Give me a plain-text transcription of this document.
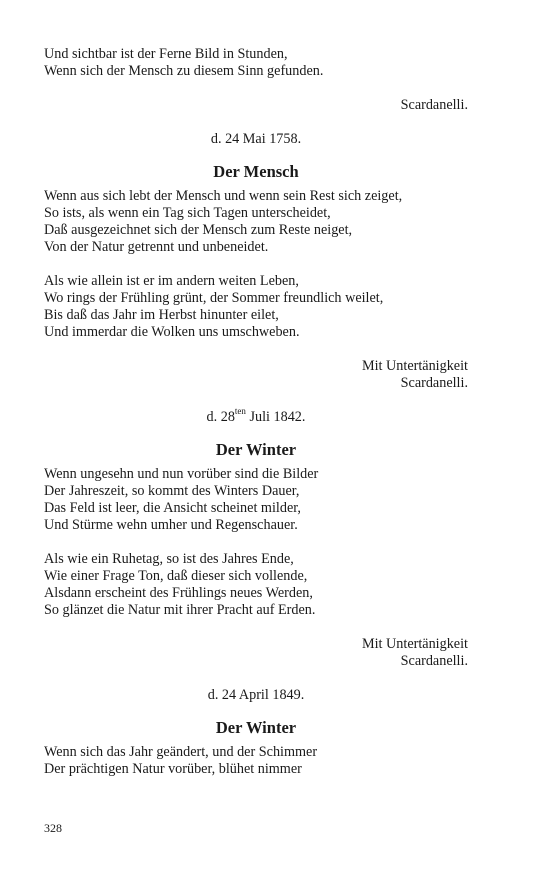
Und sichtbar ist der Ferne Bild in Stunden,
Wenn sich der Mensch zu diesem Sinn gefunden.
Scardanelli.
d. 24 Mai 1758.
Der Mensch
Wenn aus sich lebt der Mensch und wenn sein Rest sich zeiget,
So ists, als wenn ein Tag sich Tagen unterscheidet,
Daß ausgezeichnet sich der Mensch zum Reste neiget,
Von der Natur getrennt und unbeneidet.
Als wie allein ist er im andern weiten Leben,
Wo rings der Frühling grünt, der Sommer freundlich weilet,
Bis daß das Jahr im Herbst hinunter eilet,
Und immerdar die Wolken uns umschweben.
Mit Untertänigkeit
Scardanelli.
d. $28^{ten}$ Juli 1842.
Der Winter
Wenn ungesehn und nun vorüber sind die Bilder
Der Jahreszeit, so kommt des Winters Dauer,
Das Feld ist leer, die Ansicht scheinet milder,
Und Stürme wehn umher und Regenschauer.
Als wie ein Ruhetag, so ist des Jahres Ende,
Wie einer Frage Ton, daß dieser sich vollende,
Alsdann erscheint des Frühlings neues Werden,
So glänzet die Natur mit ihrer Pracht auf Erden.
Mit Untertänigkeit
Scardanelli.
d. 24 April 1849.
Der Winter
Wenn sich das Jahr geändert, und der Schimmer
Der prächtigen Natur vorüber, blühet nimmer
328
